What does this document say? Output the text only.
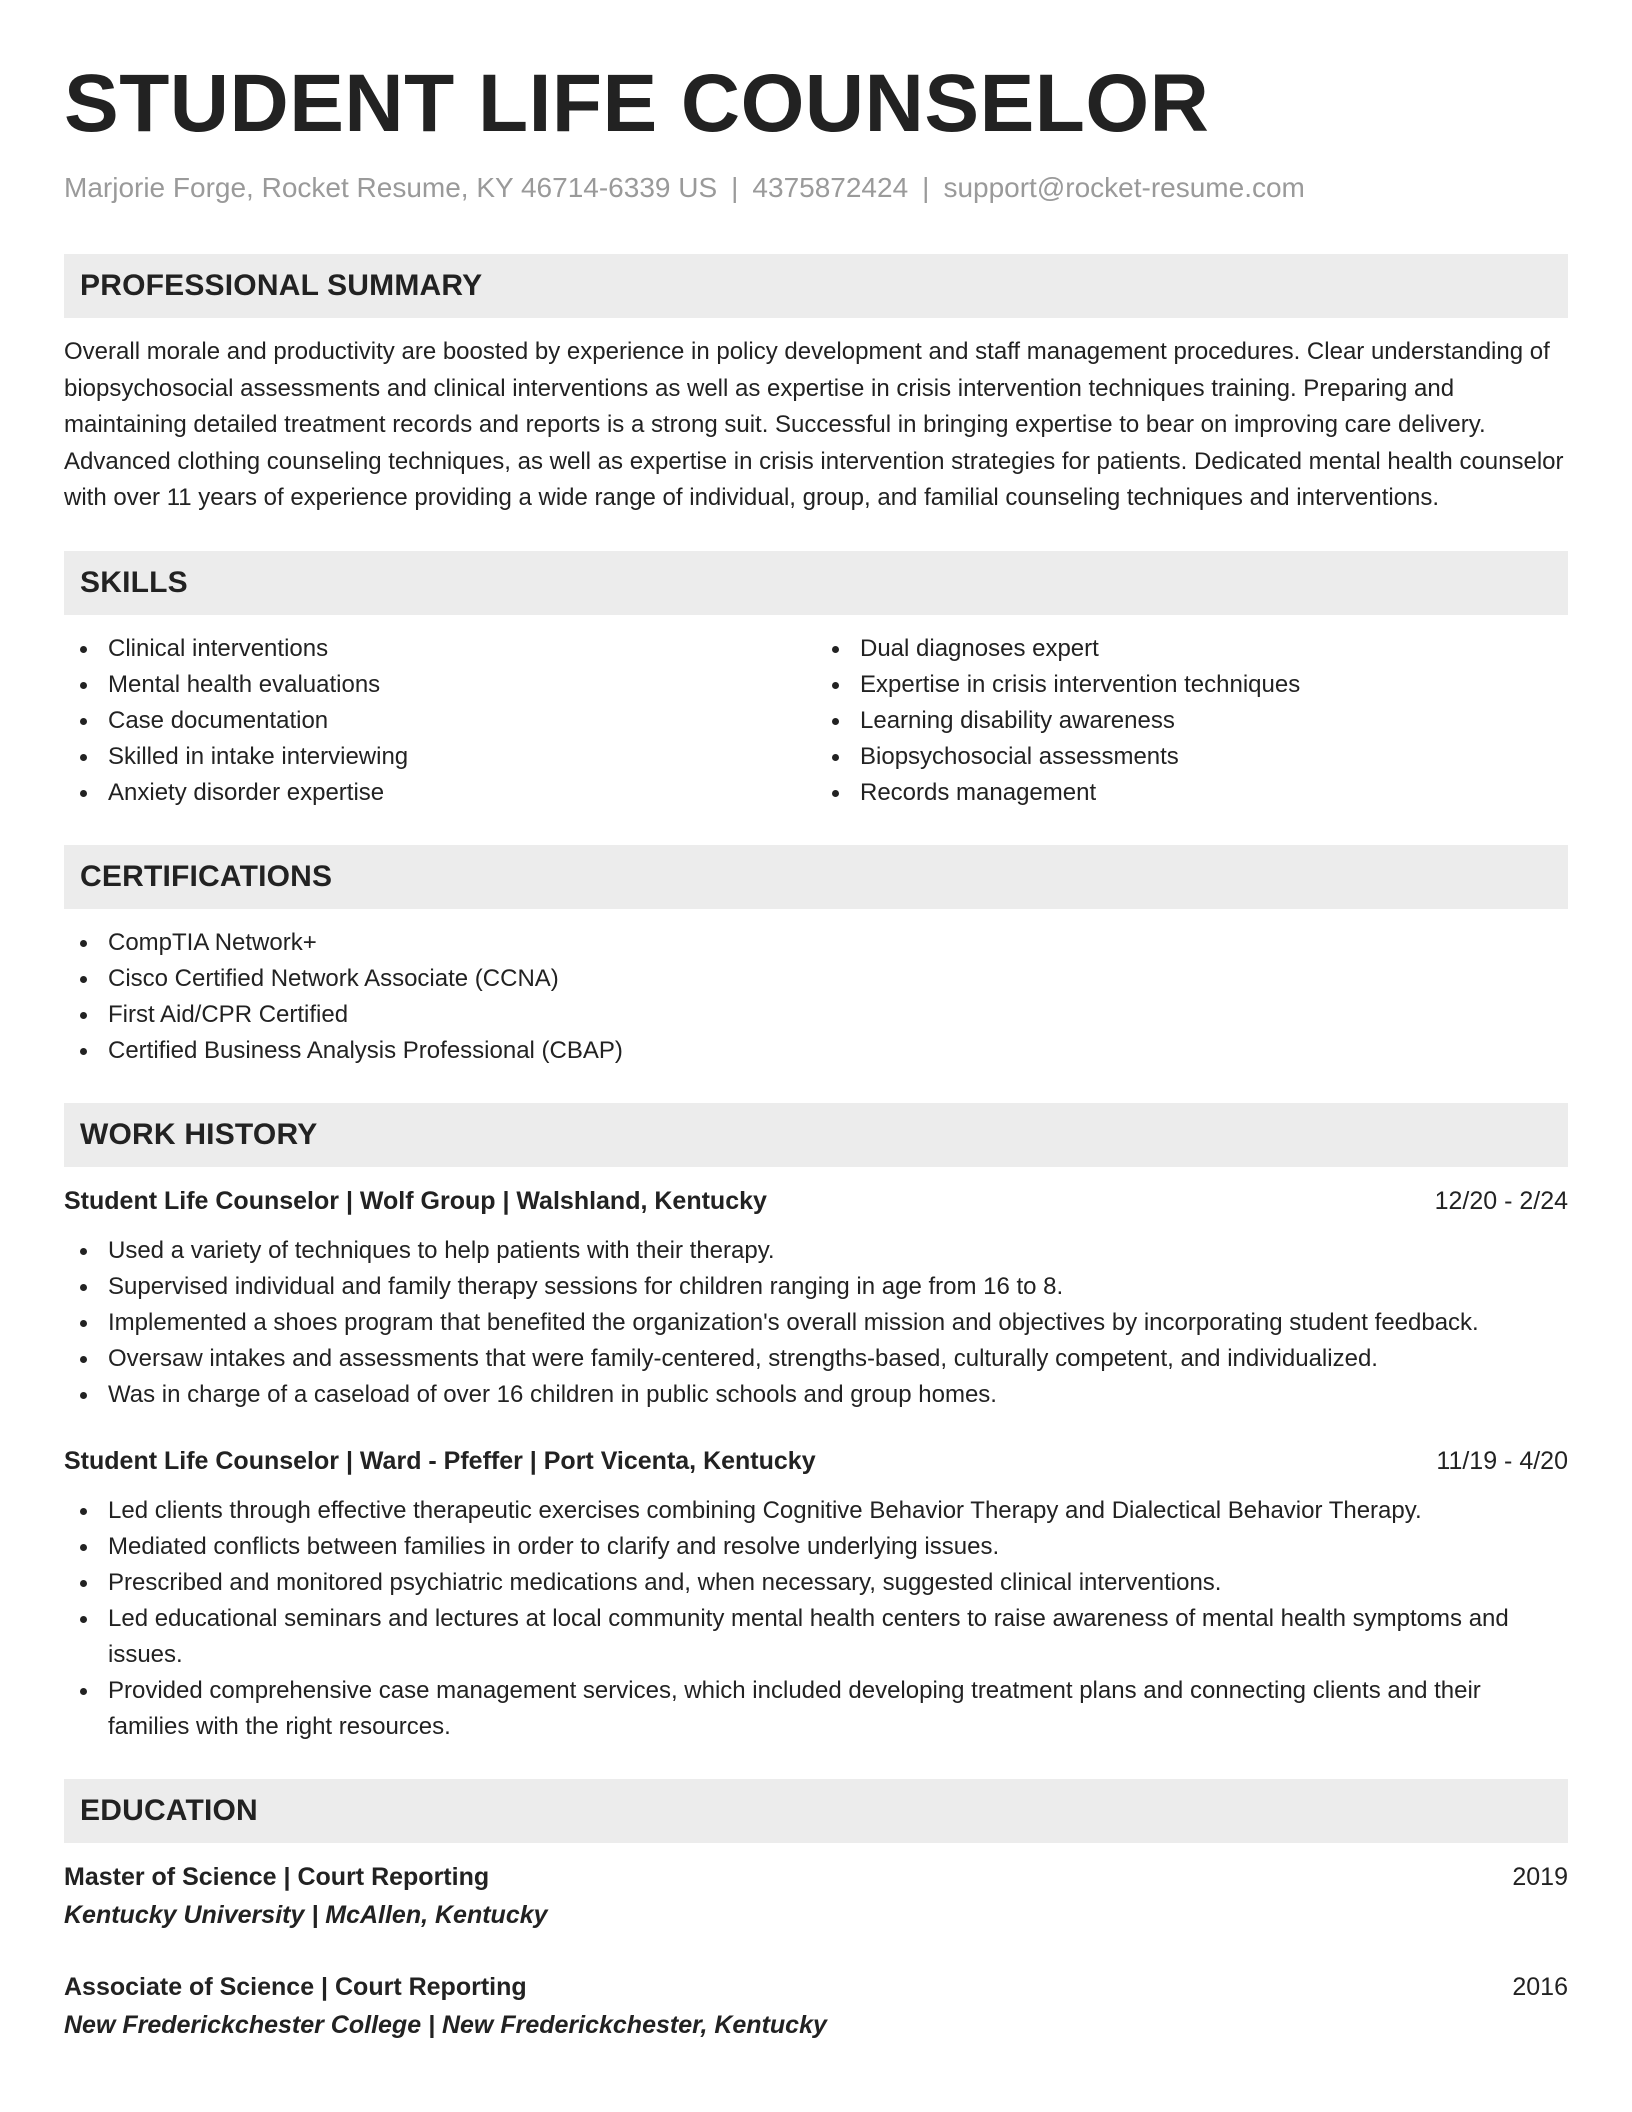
STUDENT LIFE COUNSELOR
Marjorie Forge, Rocket Resume, KY 46714-6339 US | 4375872424 | support@rocket-resume.com
PROFESSIONAL SUMMARY
Overall morale and productivity are boosted by experience in policy development and staff management procedures. Clear understanding of biopsychosocial assessments and clinical interventions as well as expertise in crisis intervention techniques training. Preparing and maintaining detailed treatment records and reports is a strong suit. Successful in bringing expertise to bear on improving care delivery. Advanced clothing counseling techniques, as well as expertise in crisis intervention strategies for patients. Dedicated mental health counselor with over 11 years of experience providing a wide range of individual, group, and familial counseling techniques and interventions.
SKILLS
Clinical interventions
Mental health evaluations
Case documentation
Skilled in intake interviewing
Anxiety disorder expertise
Dual diagnoses expert
Expertise in crisis intervention techniques
Learning disability awareness
Biopsychosocial assessments
Records management
CERTIFICATIONS
CompTIA Network+
Cisco Certified Network Associate (CCNA)
First Aid/CPR Certified
Certified Business Analysis Professional (CBAP)
WORK HISTORY
Student Life Counselor | Wolf Group | Walshland, Kentucky	12/20 - 2/24
Used a variety of techniques to help patients with their therapy.
Supervised individual and family therapy sessions for children ranging in age from 16 to 8.
Implemented a shoes program that benefited the organization's overall mission and objectives by incorporating student feedback.
Oversaw intakes and assessments that were family-centered, strengths-based, culturally competent, and individualized.
Was in charge of a caseload of over 16 children in public schools and group homes.
Student Life Counselor | Ward - Pfeffer | Port Vicenta, Kentucky	11/19 - 4/20
Led clients through effective therapeutic exercises combining Cognitive Behavior Therapy and Dialectical Behavior Therapy.
Mediated conflicts between families in order to clarify and resolve underlying issues.
Prescribed and monitored psychiatric medications and, when necessary, suggested clinical interventions.
Led educational seminars and lectures at local community mental health centers to raise awareness of mental health symptoms and issues.
Provided comprehensive case management services, which included developing treatment plans and connecting clients and their families with the right resources.
EDUCATION
Master of Science | Court Reporting	2019
Kentucky University | McAllen, Kentucky
Associate of Science | Court Reporting	2016
New Frederickchester College | New Frederickchester, Kentucky
